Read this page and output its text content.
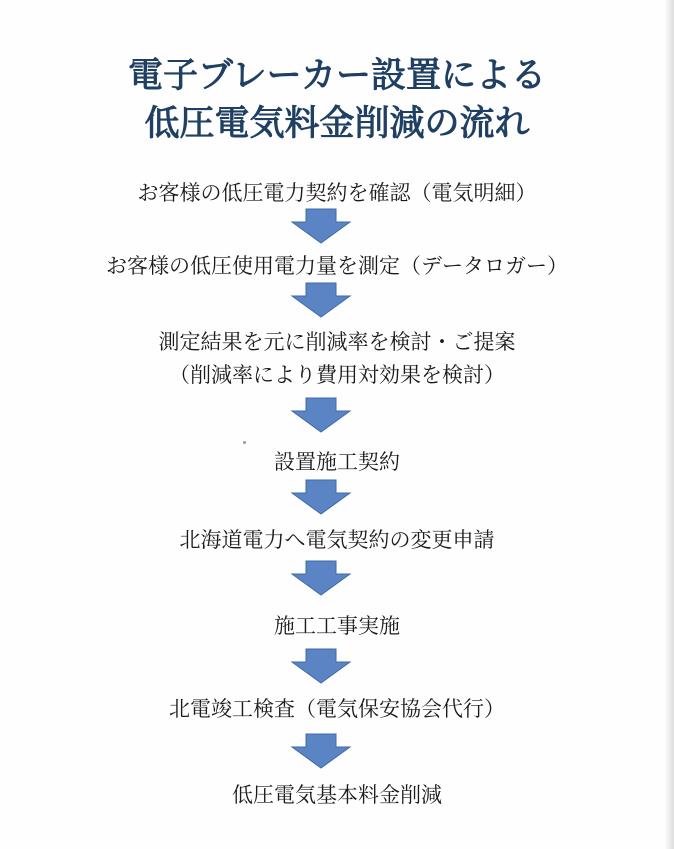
電子ブレーカー設置による
低圧電気料金削減の流れ
お客様の低圧電力契約を確認（電気明細）
お客様の低圧使用電力量を測定（データロガー）
測定結果を元に削減率を検討・ご提案
（削減率により費用対効果を検討）
設置施工契約
北海道電力へ電気契約の変更申請
施工工事実施
北電竣工検査（電気保安協会代行）
低圧電気基本料金削減
